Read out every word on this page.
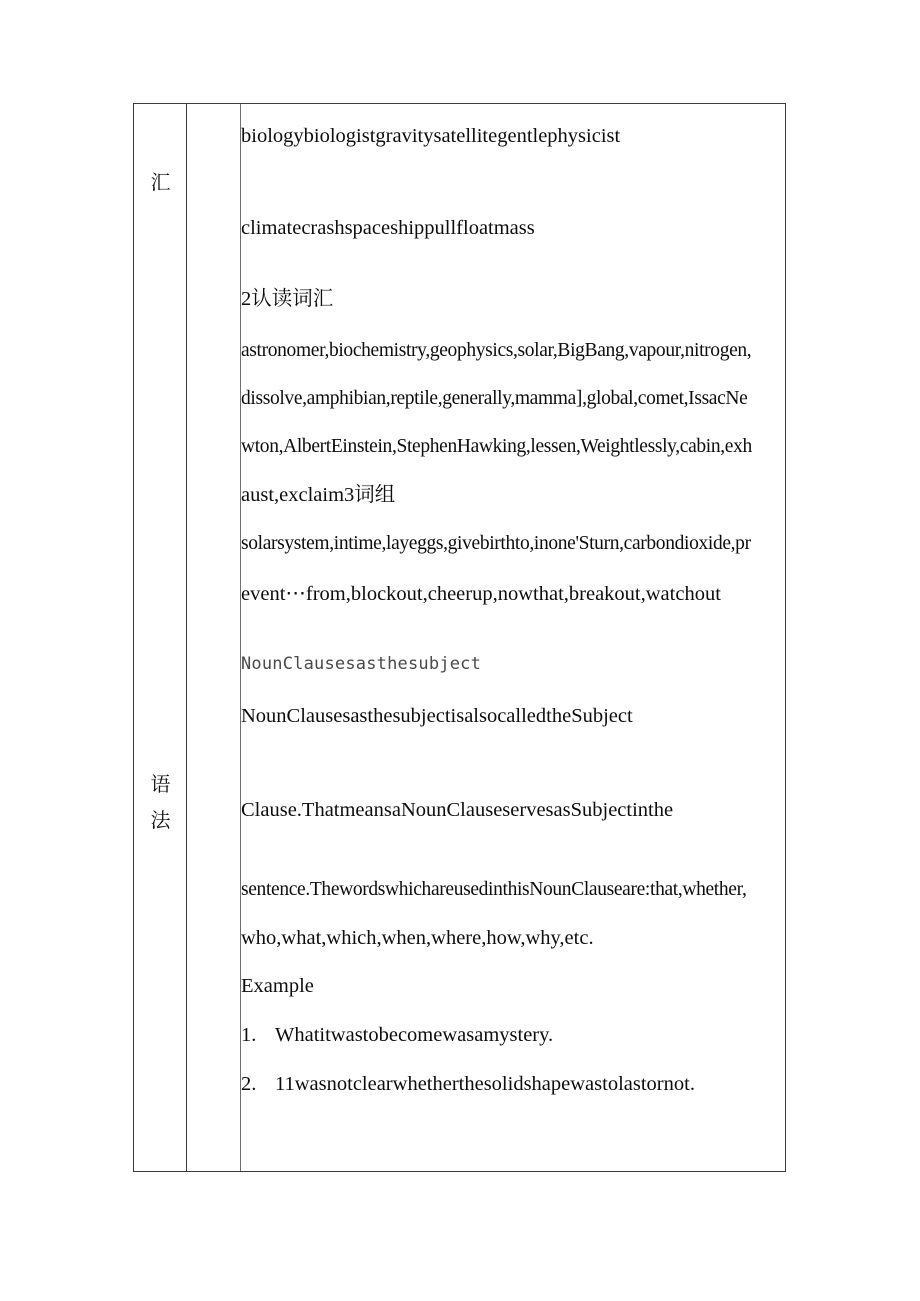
汇
语
法
biologybiologistgravitysatellitegentlephysicist
climatecrashspaceshippullfloatmass
2认读词汇
astronomer,biochemistry,geophysics,solar,BigBang,vapour,nitrogen,
dissolve,amphibian,reptile,generally,mamma],global,comet,IssacNe
wton,AlbertEinstein,StephenHawking,lessen,Weightlessly,cabin,exh
aust,exclaim3词组
solarsystem,intime,layeggs,givebirthto,inone'Sturn,carbondioxide,pr
event⋯from,blockout,cheerup,nowthat,breakout,watchout
NounClausesasthesubject
NounClausesasthesubjectisalsocalledtheSubject
Clause.ThatmeansaNounClauseservesasSubjectinthe
sentence.ThewordswhichareusedinthisNounClauseare:that,whether,
who,what,which,when,where,how,why,etc.
Example
1. Whatitwastobecomewasamystery.
2. 11wasnotclearwhetherthesolidshapewastolastornot.
